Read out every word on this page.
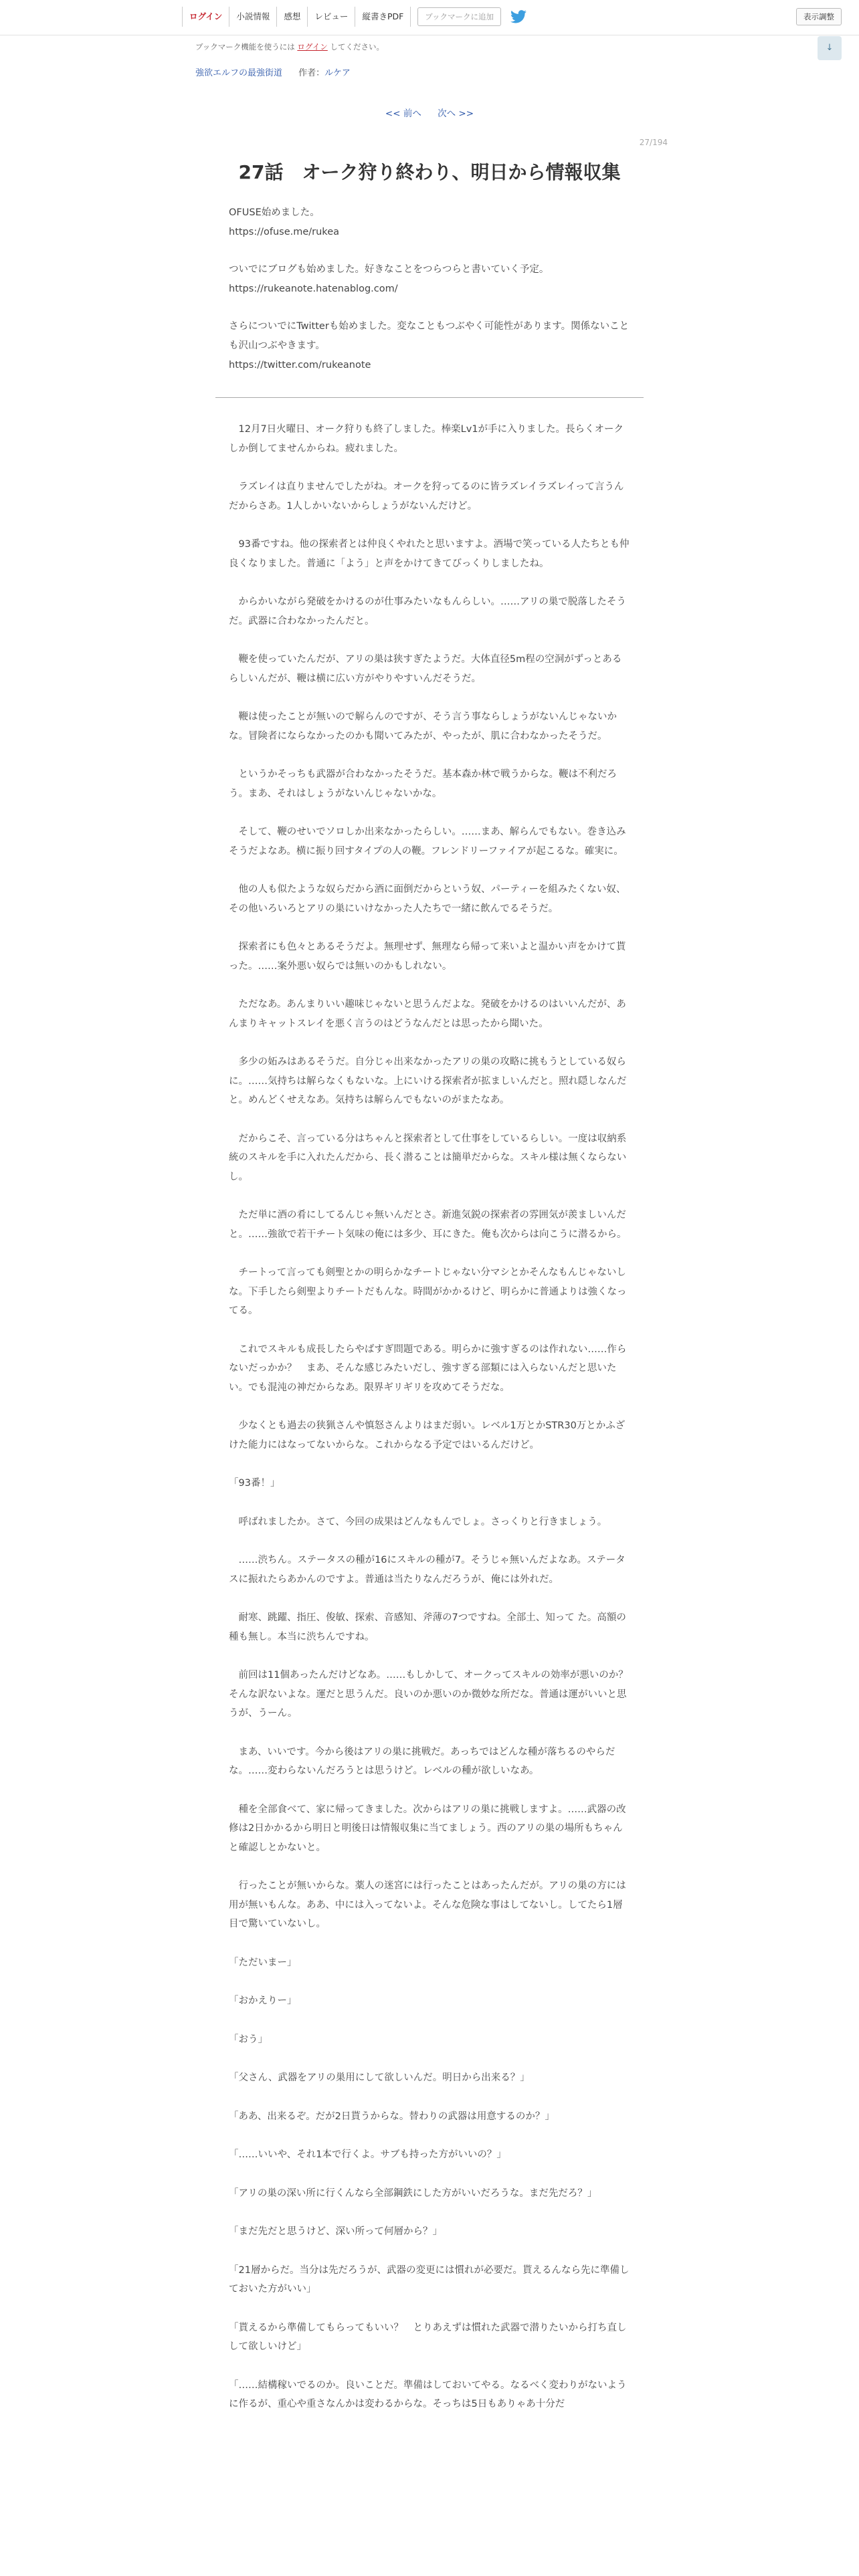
ログイン	小説情報	感想	レビュー	縦書きPDF	ブックマークに追加	表示調整
ブックマーク機能を使うには ログイン してください。	↓
強欲エルフの最強街道 作者：ルケア
<< 前へ 次へ >>
27/194
27話　オーク狩り終わり、明日から情報収集

OFUSE始めました。
https://ofuse.me/rukea

ついでにブログも始めました。好きなことをつらつらと書いていく予定。
https://rukeanote.hatenablog.com/

さらについでにTwitterも始めました。変なこともつぶやく可能性があります。関係ないことも沢山つぶやきます。
https://twitter.com/rukeanote

　12月7日火曜日、オーク狩りも終了しました。棒楽Lv1が手に入りました。長らくオークしか倒してませんからね。疲れました。

　ラズレイは直りませんでしたがね。オークを狩ってるのに皆ラズレイラズレイって言うんだからさあ。1人しかいないからしょうがないんだけど。

　93番ですね。他の探索者とは仲良くやれたと思いますよ。酒場で笑っている人たちとも仲良くなりました。普通に「よう」と声をかけてきてびっくりしましたね。

　からかいながら発破をかけるのが仕事みたいなもんらしい。……アリの巣で脱落したそうだ。武器に合わなかったんだと。

　鞭を使っていたんだが、アリの巣は狭すぎたようだ。大体直径5m程の空洞がずっとあるらしいんだが、鞭は横に広い方がやりやすいんだそうだ。

　鞭は使ったことが無いので解らんのですが、そう言う事ならしょうがないんじゃないかな。冒険者にならなかったのかも聞いてみたが、やったが、肌に合わなかったそうだ。

　というかそっちも武器が合わなかったそうだ。基本森か林で戦うからな。鞭は不利だろう。まあ、それはしょうがないんじゃないかな。

　そして、鞭のせいでソロしか出来なかったらしい。……まあ、解らんでもない。巻き込みそうだよなあ。横に振り回すタイプの人の鞭。フレンドリーファイアが起こるな。確実に。

　他の人も似たような奴らだから酒に面倒だからという奴、パーティーを組みたくない奴、その他いろいろとアリの巣にいけなかった人たちで一緒に飲んでるそうだ。

　探索者にも色々とあるそうだよ。無理せず、無理なら帰って来いよと温かい声をかけて貰った。……案外悪い奴らでは無いのかもしれない。

　ただなあ。あんまりいい趣味じゃないと思うんだよな。発破をかけるのはいいんだが、あんまりキャットスレイを悪く言うのはどうなんだとは思ったから聞いた。

　多少の妬みはあるそうだ。自分じゃ出来なかったアリの巣の攻略に挑もうとしている奴らに。……気持ちは解らなくもないな。上にいける探索者が拡ましいんだと。照れ隠しなんだと。めんどくせえなあ。気持ちは解らんでもないのがまたなあ。

　だからこそ、言っている分はちゃんと探索者として仕事をしているらしい。一度は収納系統のスキルを手に入れたんだから、長く潜ることは簡単だからな。スキル様は無くならないし。

　ただ単に酒の肴にしてるんじゃ無いんだとさ。新進気鋭の探索者の雰囲気が羨ましいんだと。……強欲で若干チート気味の俺には多少、耳にきた。俺も次からは向こうに潜るから。

　チートって言っても剣聖とかの明らかなチートじゃない分マシとかそんなもんじゃないしな。下手したら剣聖よりチートだもんな。時間がかかるけど、明らかに普通よりは強くなってる。

　これでスキルも成長したらやばすぎ問題である。明らかに強すぎるのは作れない……作らないだっかか？　まあ、そんな感じみたいだし、強すぎる部類には入らないんだと思いたい。でも混沌の神だからなあ。限界ギリギリを攻めてそうだな。

　少なくとも過去の狭猟さんや慎怒さんよりはまだ弱い。レベル1万とかSTR30万とかふざけた能力にはなってないからな。これからなる予定ではいるんだけど。

「93番！」

　呼ばれましたか。さて、今回の成果はどんなもんでしょ。さっくりと行きましょう。

　……渋ちん。ステータスの種が16にスキルの種が7。そうじゃ無いんだよなあ。ステータスに振れたらあかんのですよ。普通は当たりなんだろうが、俺には外れだ。

　耐寒、跳躍、指圧、俊敏、探索、音感知、斧薄の7つですね。全部土、知って た。高額の種も無し。本当に渋ちんですね。

　前回は11個あったんだけどなあ。……もしかして、オークってスキルの効率が悪いのか？　そんな訳ないよな。運だと思うんだ。良いのか悪いのか微妙な所だな。普通は運がいいと思うが、うーん。

　まあ、いいです。今から後はアリの巣に挑戦だ。あっちではどんな種が落ちるのやらだな。……変わらないんだろうとは思うけど。レベルの種が欲しいなあ。

　種を全部食べて、家に帰ってきました。次からはアリの巣に挑戦しますよ。……武器の改修は2日かかるから明日と明後日は情報収集に当てましょう。西のアリの巣の場所もちゃんと確認しとかないと。

　行ったことが無いからな。薬人の迷宮には行ったことはあったんだが。アリの巣の方には用が無いもんな。ああ、中には入ってないよ。そんな危険な事はしてないし。してたら1層目で驚いていないし。

「ただいまー」

「おかえりー」

「おう」

「父さん、武器をアリの巣用にして欲しいんだ。明日から出来る？」

「ああ、出来るぞ。だが2日貰うからな。替わりの武器は用意するのか？」

「……いいや、それ1本で行くよ。サブも持った方がいいの？」

「アリの巣の深い所に行くんなら全部鋼鉄にした方がいいだろうな。まだ先だろ？」

「まだ先だと思うけど、深い所って何層から？」

「21層からだ。当分は先だろうが、武器の変更には慣れが必要だ。貰えるんなら先に準備しておいた方がいい」

「貰えるから準備してもらってもいい？　とりあえずは慣れた武器で潜りたいから打ち直しして欲しいけど」

「……結構稼いでるのか。良いことだ。準備はしておいてやる。なるべく変わりがないように作るが、重心や重さなんかは変わるからな。そっちは5日もありゃあ十分だ
